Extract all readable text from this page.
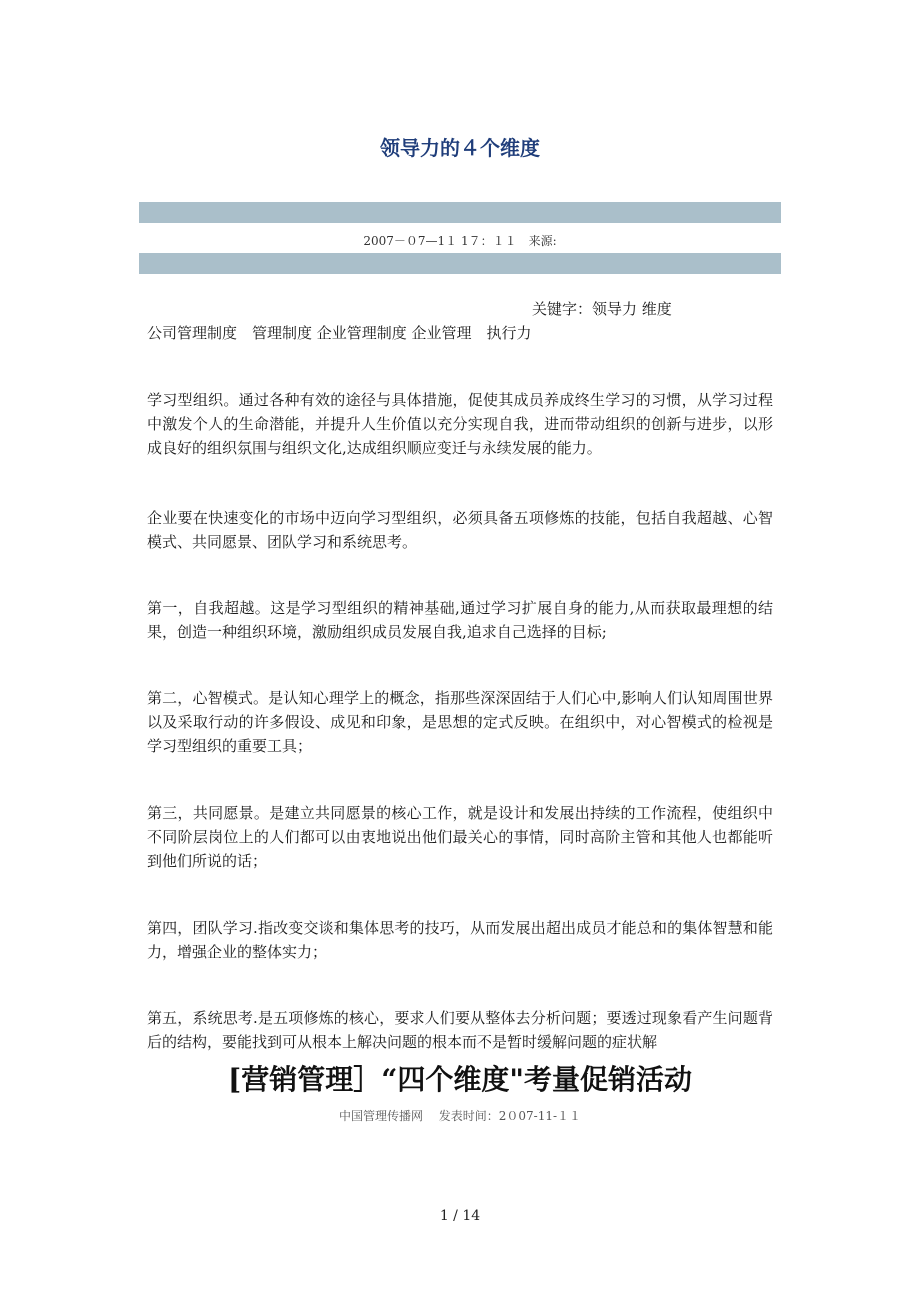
领导力的４个维度
2007－０7—1１ 1７：１１　来源:
关键字：领导力 维度
公司管理制度　管理制度 企业管理制度 企业管理　执行力

学习型组织。通过各种有效的途径与具体措施，促使其成员养成终生学习的习惯，从学习过程中激发个人的生命潜能，并提升人生价值以充分实现自我，进而带动组织的创新与进步，以形成良好的组织氛围与组织文化,达成组织顺应变迁与永续发展的能力。

企业要在快速变化的市场中迈向学习型组织，必须具备五项修炼的技能，包括自我超越、心智模式、共同愿景、团队学习和系统思考。

第一，自我超越。这是学习型组织的精神基础,通过学习扩展自身的能力,从而获取最理想的结果，创造一种组织环境，激励组织成员发展自我,追求自己选择的目标;

第二，心智模式。是认知心理学上的概念，指那些深深固结于人们心中,影响人们认知周围世界以及采取行动的许多假设、成见和印象，是思想的定式反映。在组织中，对心智模式的检视是学习型组织的重要工具；

第三，共同愿景。是建立共同愿景的核心工作，就是设计和发展出持续的工作流程，使组织中不同阶层岗位上的人们都可以由衷地说出他们最关心的事情，同时高阶主管和其他人也都能听到他们所说的话；

第四，团队学习.指改变交谈和集体思考的技巧，从而发展出超出成员才能总和的集体智慧和能力，增强企业的整体实力；

第五，系统思考.是五项修炼的核心，要求人们要从整体去分析问题；要透过现象看产生问题背后的结构，要能找到可从根本上解决问题的根本而不是暂时缓解问题的症状解

[营销管理］“四个维度"考量促销活动
中国管理传播网　 发表时间：2０07-11-１１
1 / 14
